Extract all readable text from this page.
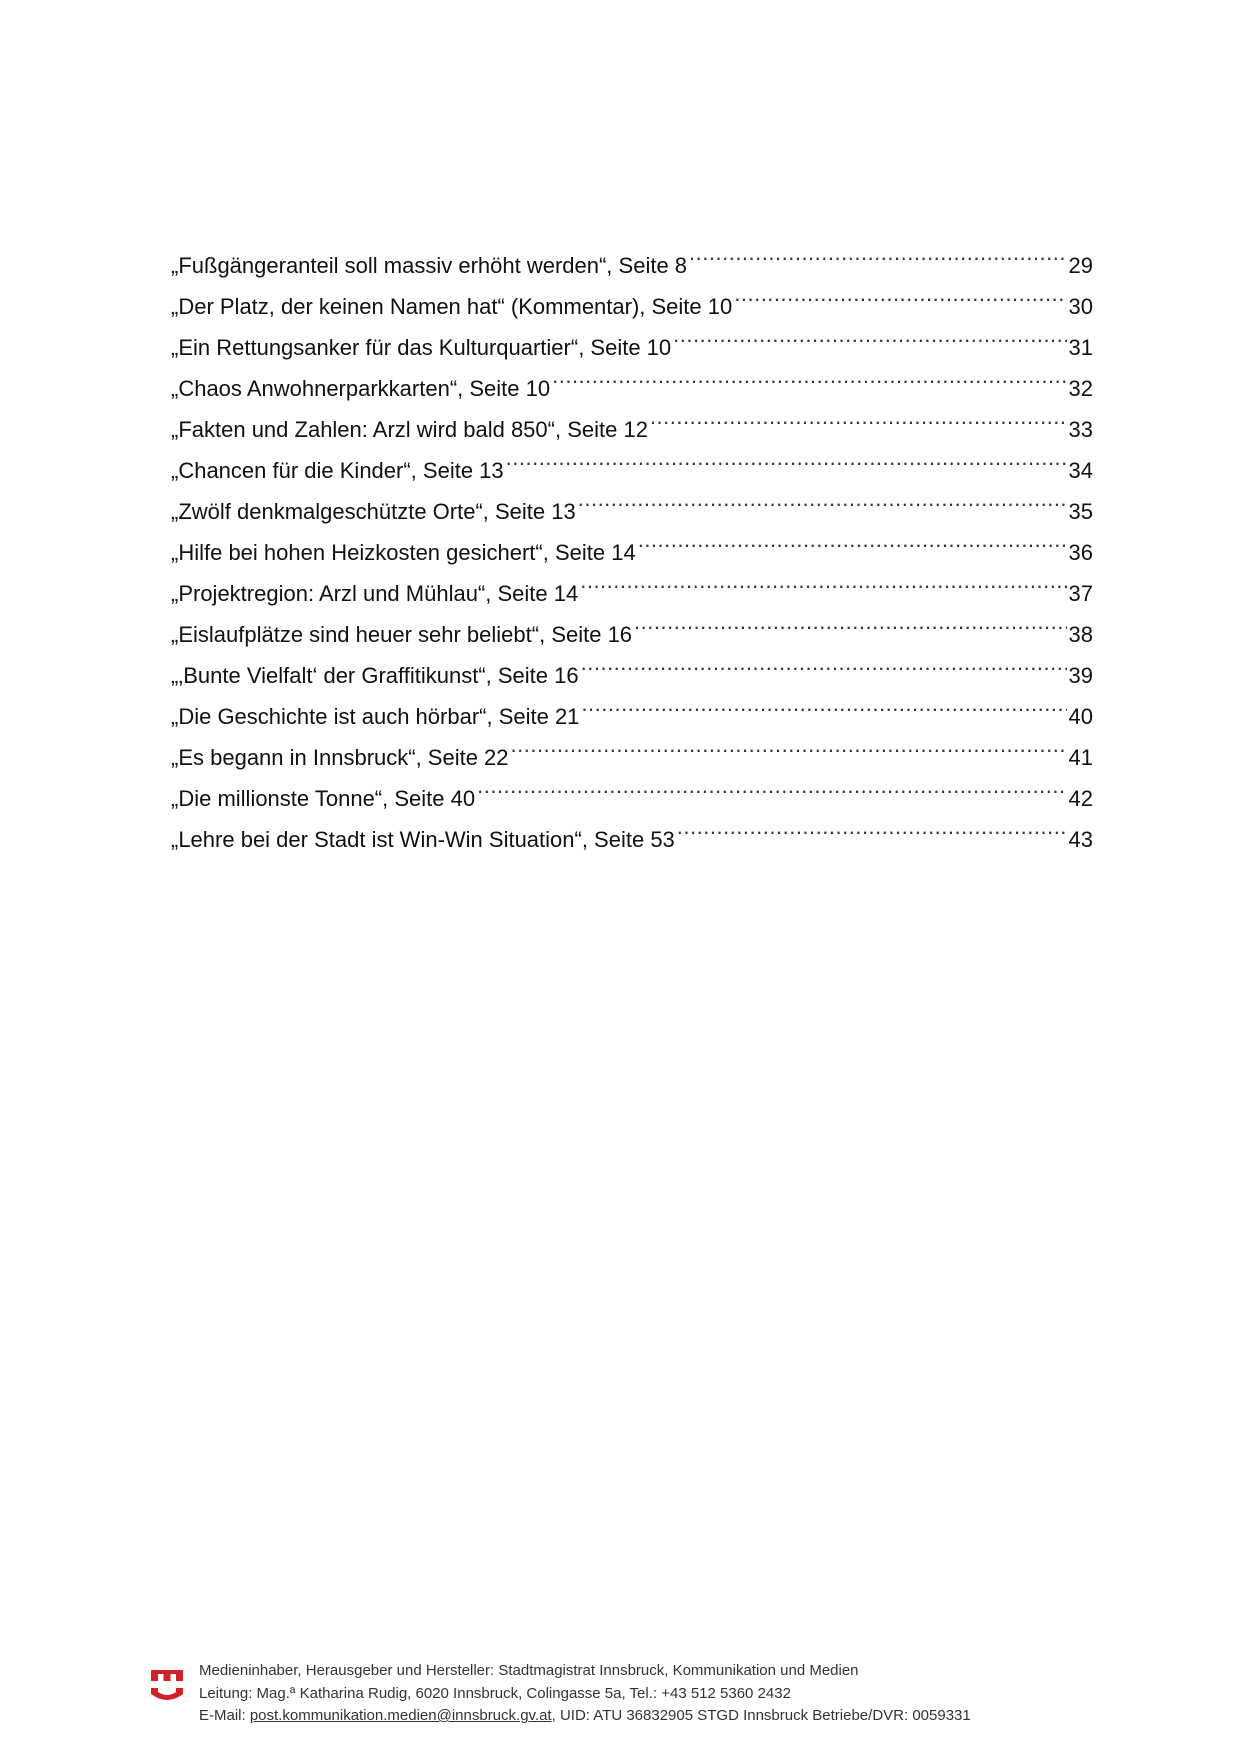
„Fußgängeranteil soll massiv erhöht werden“, Seite 8 .....	29
„Der Platz, der keinen Namen hat“ (Kommentar), Seite 10 .....	30
„Ein Rettungsanker für das Kulturquartier“, Seite 10 .....	31
„Chaos Anwohnerparkkarten“, Seite 10 .....	32
„Fakten und Zahlen: Arzl wird bald 850“, Seite 12 .....	33
„Chancen für die Kinder“, Seite 13 .....	34
„Zwölf denkmalgeschützte Orte“, Seite 13 .....	35
„Hilfe bei hohen Heizkosten gesichert“, Seite 14 .....	36
„Projektregion: Arzl und Mühlau“, Seite 14 .....	37
„Eislaufplätze sind heuer sehr beliebt“, Seite 16 .....	38
„‚Bunte Vielfalt‘ der Graffitikunst“, Seite 16 .....	39
„Die Geschichte ist auch hörbar“, Seite 21 .....	40
„Es begann in Innsbruck“, Seite 22 .....	41
„Die millionste Tonne“, Seite 40 .....	42
„Lehre bei der Stadt ist Win-Win Situation“, Seite 53 .....	43
Medieninhaber, Herausgeber und Hersteller: Stadtmagistrat Innsbruck, Kommunikation und Medien
Leitung: Mag.ª Katharina Rudig, 6020 Innsbruck, Colingasse 5a, Tel.: +43 512 5360 2432
E-Mail: post.kommunikation.medien@innsbruck.gv.at, UID: ATU 36832905 STGD Innsbruck Betriebe/DVR: 0059331
